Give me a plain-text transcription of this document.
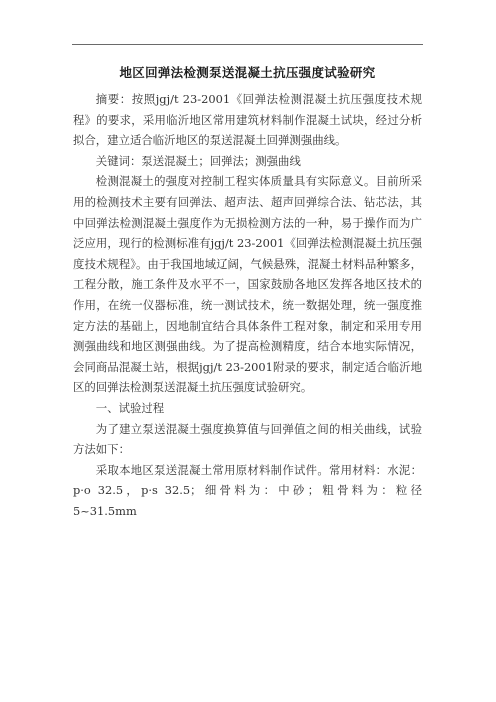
地区回弹法检测泵送混凝土抗压强度试验研究

摘要：按照jgj/t 23-2001《回弹法检测混凝土抗压强度技术规程》的要求，采用临沂地区常用建筑材料制作混凝土试块，经过分析拟合，建立适合临沂地区的泵送混凝土回弹测强曲线。

关键词：泵送混凝土；回弹法；测强曲线

检测混凝土的强度对控制工程实体质量具有实际意义。目前所采用的检测技术主要有回弹法、超声法、超声回弹综合法、钻芯法，其中回弹法检测混凝土强度作为无损检测方法的一种，易于操作而为广泛应用，现行的检测标准有jgj/t 23-2001《回弹法检测混凝土抗压强度技术规程》。由于我国地域辽阔，气候悬殊，混凝土材料品种繁多，工程分散，施工条件及水平不一，国家鼓励各地区发挥各地区技术的作用，在统一仪器标准，统一测试技术，统一数据处理，统一强度推定方法的基础上，因地制宜结合具体条件工程对象，制定和采用专用测强曲线和地区测强曲线。为了提高检测精度，结合本地实际情况，会同商品混凝土站，根据jgj/t 23-2001附录的要求，制定适合临沂地区的回弹法检测泵送混凝土抗压强度试验研究。

一、试验过程

为了建立泵送混凝土强度换算值与回弹值之间的相关曲线，试验方法如下：

采取本地区泵送混凝土常用原材料制作试件。常用材料：水泥：p·o 32.5，p·s 32.5；细骨料为：中砂；粗骨料为：粒径 5~31.5mm
